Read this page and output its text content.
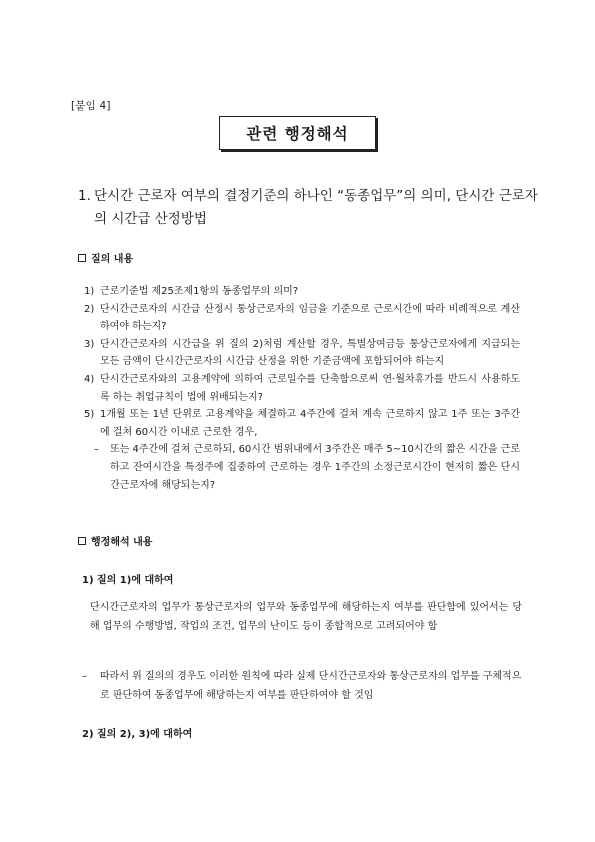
[붙임 4]
관련 행정해석
1. 단시간 근로자 여부의 결정기준의 하나인 “동종업무”의 의미, 단시간 근로자의 시간급 산정방법
질의 내용
1) 근로기준법 제25조제1항의 동종업무의 의미?
2) 단시간근로자의 시간급 산정시 통상근로자의 임금을 기준으로 근로시간에 따라 비례적으로 계산하여야 하는지?
3) 단시간근로자의 시간급을 위 질의 2)처럼 계산할 경우, 특별상여금등 통상근로자에게 지급되는 모든 금액이 단시간근로자의 시간급 산정을 위한 기준금액에 포함되어야 하는지
4) 단시간근로자와의 고용계약에 의하여 근로일수를 단축함으로써 연·월차휴가를 반드시 사용하도록 하는 취업규칙이 법에 위배되는지?
5) 1개월 또는 1년 단위로 고용계약을 체결하고 4주간에 걸쳐 계속 근로하지 않고 1주 또는 3주간에 걸쳐 60시간 이내로 근로한 경우,
– 또는 4주간에 걸쳐 근로하되, 60시간 범위내에서 3주간은 매주 5~10시간의 짧은 시간을 근로하고 잔여시간을 특정주에 집중하여 근로하는 경우 1주간의 소정근로시간이 현저히 짧은 단시간근로자에 해당되는지?
행정해석 내용
1) 질의 1)에 대하여
단시간근로자의 업무가 통상근로자의 업무와 동종업무에 해당하는지 여부를 판단함에 있어서는 당해 업무의 수행방법, 작업의 조건, 업무의 난이도 등이 종합적으로 고려되어야 함
– 따라서 위 질의의 경우도 이러한 원칙에 따라 실제 단시간근로자와 통상근로자의 업무를 구체적으로 판단하여 동종업무에 해당하는지 여부를 판단하여야 할 것임
2) 질의 2), 3)에 대하여
